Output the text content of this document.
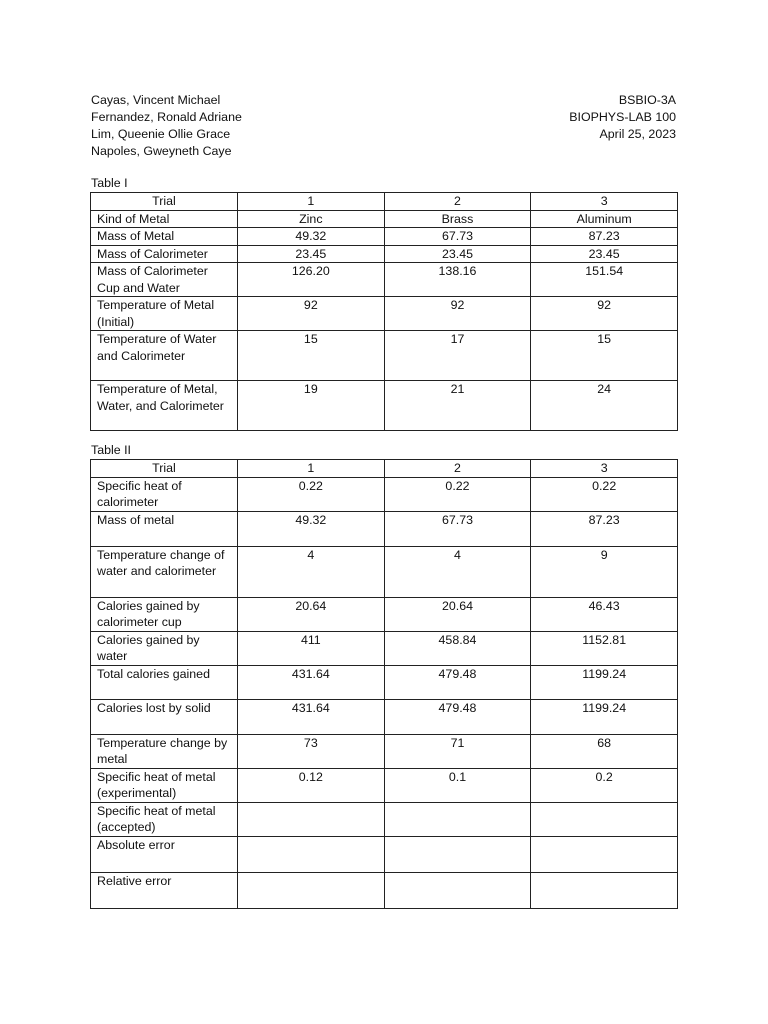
Cayas, Vincent Michael
Fernandez, Ronald Adriane
Lim, Queenie Ollie Grace
Napoles, Gweyneth Caye
BSBIO-3A
BIOPHYS-LAB 100
April 25, 2023
Table I
Trial	1	2	3
Kind of Metal	Zinc	Brass	Aluminum
Mass of Metal	49.32	67.73	87.23
Mass of Calorimeter	23.45	23.45	23.45
Mass of Calorimeter Cup and Water	126.20	138.16	151.54
Temperature of Metal (Initial)	92	92	92
Temperature of Water and Calorimeter	15	17	15
Temperature of Metal, Water, and Calorimeter	19	21	24
Table II
Trial	1	2	3
Specific heat of calorimeter	0.22	0.22	0.22
Mass of metal	49.32	67.73	87.23
Temperature change of water and calorimeter	4	4	9
Calories gained by calorimeter cup	20.64	20.64	46.43
Calories gained by water	411	458.84	1152.81
Total calories gained	431.64	479.48	1199.24
Calories lost by solid	431.64	479.48	1199.24
Temperature change by metal	73	71	68
Specific heat of metal (experimental)	0.12	0.1	0.2
Specific heat of metal (accepted)			
Absolute error			
Relative error			
